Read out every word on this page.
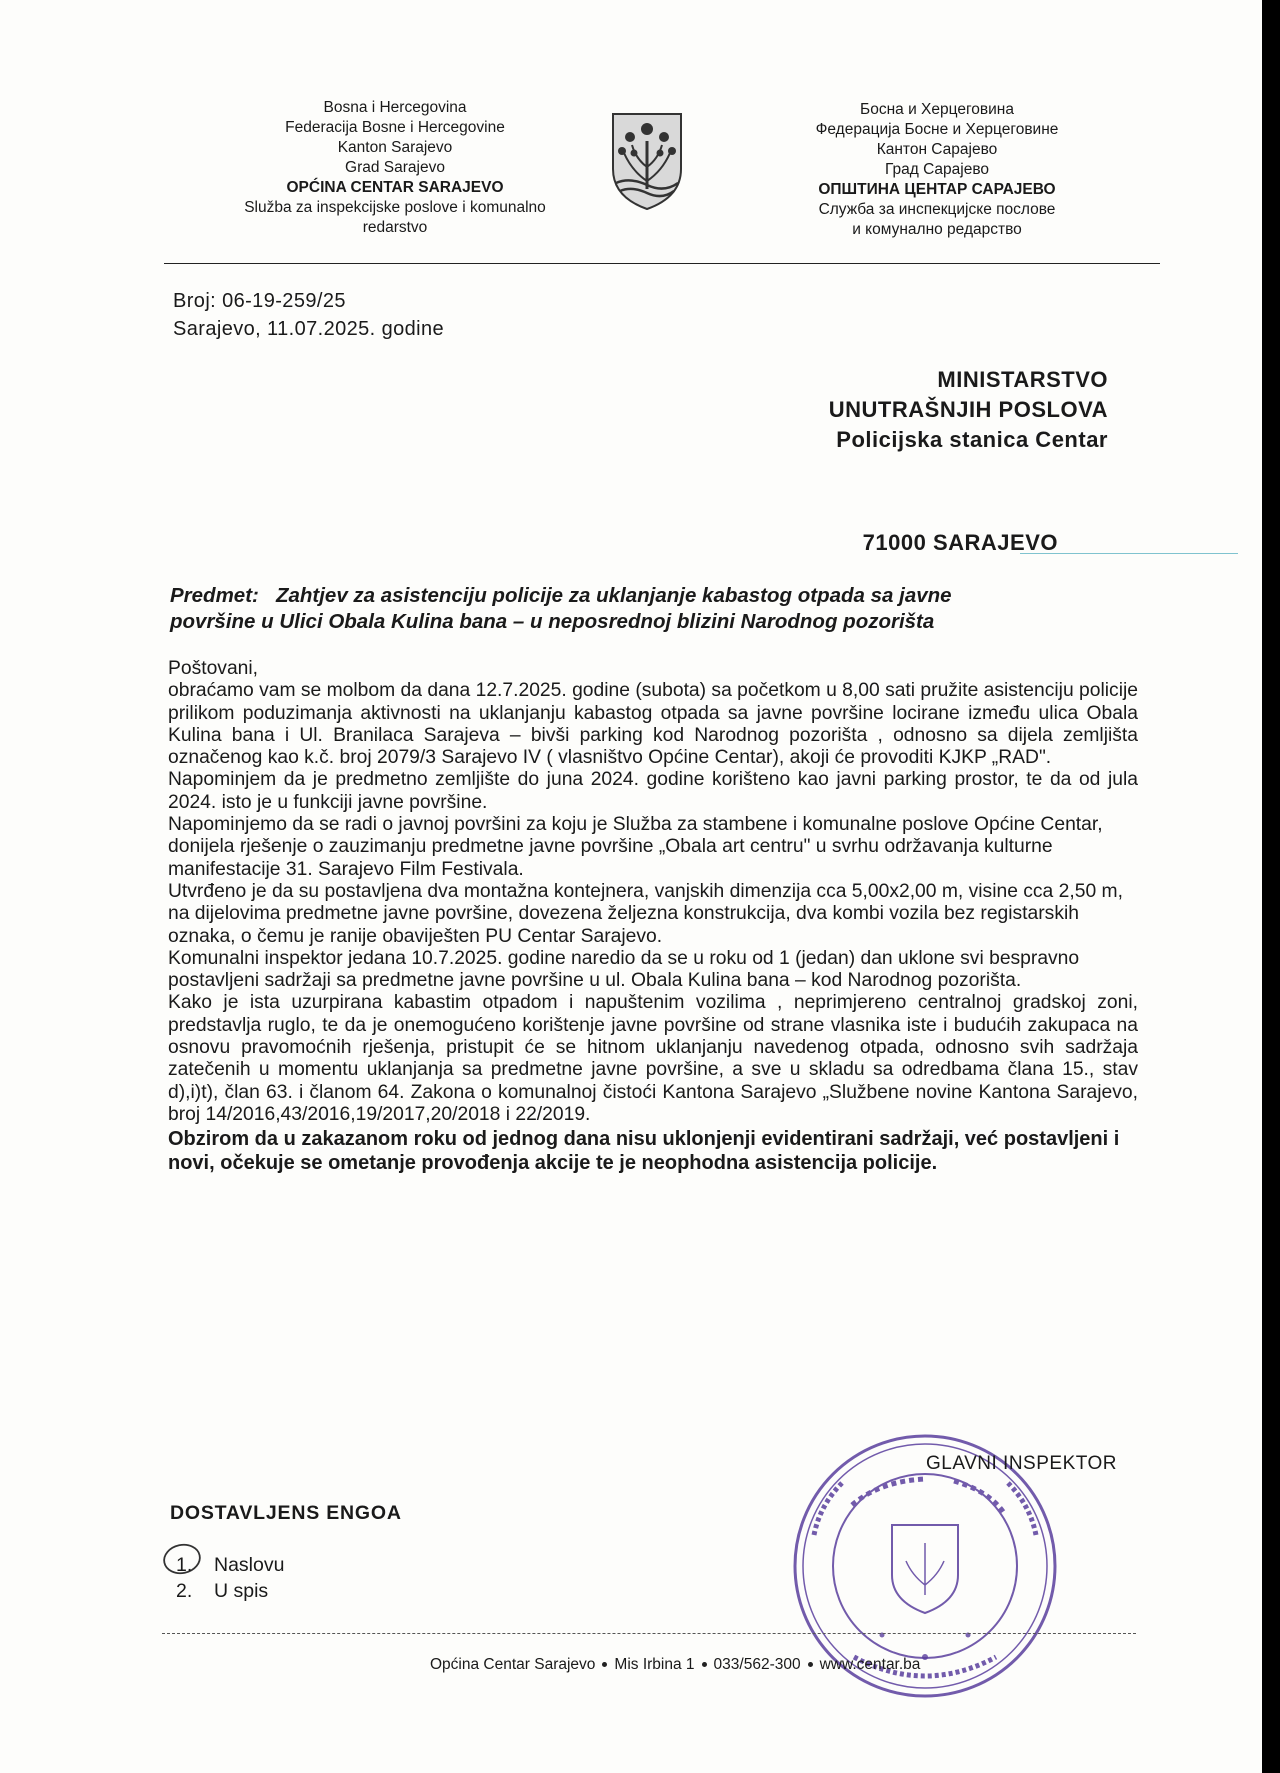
Bosna i Hercegovina
Federacija Bosne i Hercegovine
Kanton Sarajevo
Grad Sarajevo
OPĆINA CENTAR SARAJEVO
Služba za inspekcijske poslove i komunalno
redarstvo
Босна и Херцеговина
Федерација Босне и Херцеговине
Кантон Сарајево
Град Сарајево
ОПШТИНА ЦЕНТАР САРАЈЕВО
Служба за инспекцијске послове
и комунално редарство
Broj: 06-19-259/25
Sarajevo, 11.07.2025. godine
MINISTARSTVO
UNUTRAŠNJIH POSLOVA
Policijska stanica Centar
71000 SARAJEVO
Predmet: Zahtjev za asistenciju policije za uklanjanje kabastog otpada sa javne
površine u Ulici Obala Kulina bana – u neposrednoj blizini Narodnog pozorišta

Poštovani,

obraćamo vam se molbom da dana 12.7.2025. godine (subota) sa početkom u 8,00 sati pružite asistenciju policije prilikom poduzimanja aktivnosti na uklanjanju kabastog otpada sa javne površine locirane između ulica Obala Kulina bana i Ul. Branilaca Sarajeva – bivši parking kod Narodnog pozorišta , odnosno sa dijela zemljišta označenog kao k.č. broj 2079/3 Sarajevo IV ( vlasništvo Općine Centar), akoji će provoditi KJKP „RAD".

Napominjem da je predmetno zemljište do juna 2024. godine korišteno kao javni parking prostor, te da od jula 2024. isto je u funkciji javne površine.

Napominjemo da se radi o javnoj površini za koju je Služba za stambene i komunalne poslove Općine Centar, donijela rješenje o zauzimanju predmetne javne površine „Obala art centru" u svrhu održavanja kulturne manifestacije 31. Sarajevo Film Festivala.

Utvrđeno je da su postavljena dva montažna kontejnera, vanjskih dimenzija cca 5,00x2,00 m, visine cca 2,50 m, na dijelovima predmetne javne površine, dovezena željezna konstrukcija, dva kombi vozila bez registarskih oznaka, o čemu je ranije obaviješten PU Centar Sarajevo.

Komunalni inspektor jedana 10.7.2025. godine naredio da se u roku od 1 (jedan) dan uklone svi bespravno postavljeni sadržaji sa predmetne javne površine u ul. Obala Kulina bana – kod Narodnog pozorišta.

Kako je ista uzurpirana kabastim otpadom i napuštenim vozilima , neprimjereno centralnoj gradskoj zoni, predstavlja ruglo, te da je onemogućeno korištenje javne površine od strane vlasnika iste i budućih zakupaca na osnovu pravomoćnih rješenja, pristupit će se hitnom uklanjanju navedenog otpada, odnosno svih sadržaja zatečenih u momentu uklanjanja sa predmetne javne površine, a sve u skladu sa odredbama člana 15., stav d),i)t), član 63. i članom 64. Zakona o komunalnoj čistoći Kantona Sarajevo „Službene novine Kantona Sarajevo, broj 14/2016,43/2016,19/2017,20/2018 i 22/2019.

Obzirom da u zakazanom roku od jednog dana nisu uklonjenji evidentirani sadržaji, već postavljeni i novi, očekuje se ometanje provođenja akcije te je neophodna asistencija policije.

GLAVNI INSPEKTOR
DOSTAVLJENS ENGOA
1.	Naslovu
2.	U spis
Općina Centar Sarajevo Mis Irbina 1 033/562-300 www.centar.ba
